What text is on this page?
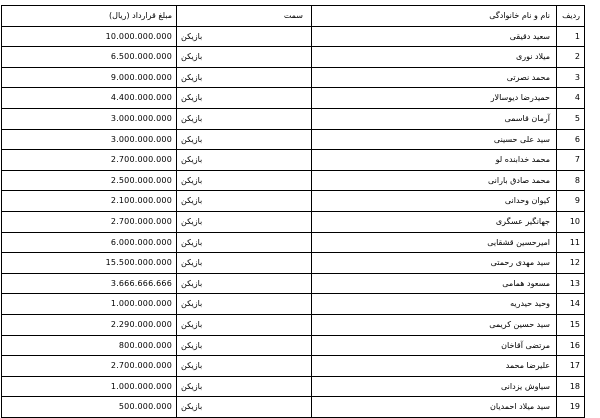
مبلغ قرارداد (ریال)	سمت	نام و نام خانوادگی	ردیف
10.000.000.000	بازیکن	سعید دقیقی	1
6.500.000.000	بازیکن	میلاد نوری	2
9.000.000.000	بازیکن	محمد نصرتی	3
4.400.000.000	بازیکن	حمیدرضا دیوسالار	4
3.000.000.000	بازیکن	آرمان قاسمی	5
3.000.000.000	بازیکن	سید علی حسینی	6
2.700.000.000	بازیکن	محمد خدابنده لو	7
2.500.000.000	بازیکن	محمد صادق بارانی	8
2.100.000.000	بازیکن	کیوان وحدانی	9
2.700.000.000	بازیکن	جهانگیر عسگری	10
6.000.000.000	بازیکن	امیرحسین قشقایی	11
15.500.000.000	بازیکن	سید مهدی رحمتی	12
3.666.666.666	بازیکن	مسعود همامی	13
1.000.000.000	بازیکن	وحید حیدریه	14
2.290.000.000	بازیکن	سید حسین کریمی	15
800.000.000	بازیکن	مرتضی آقاخان	16
2.700.000.000	بازیکن	علیرضا محمد	17
1.000.000.000	بازیکن	سیاوش یزدانی	18
500.000.000	بازیکن	سید میلاد احمدیان	19
